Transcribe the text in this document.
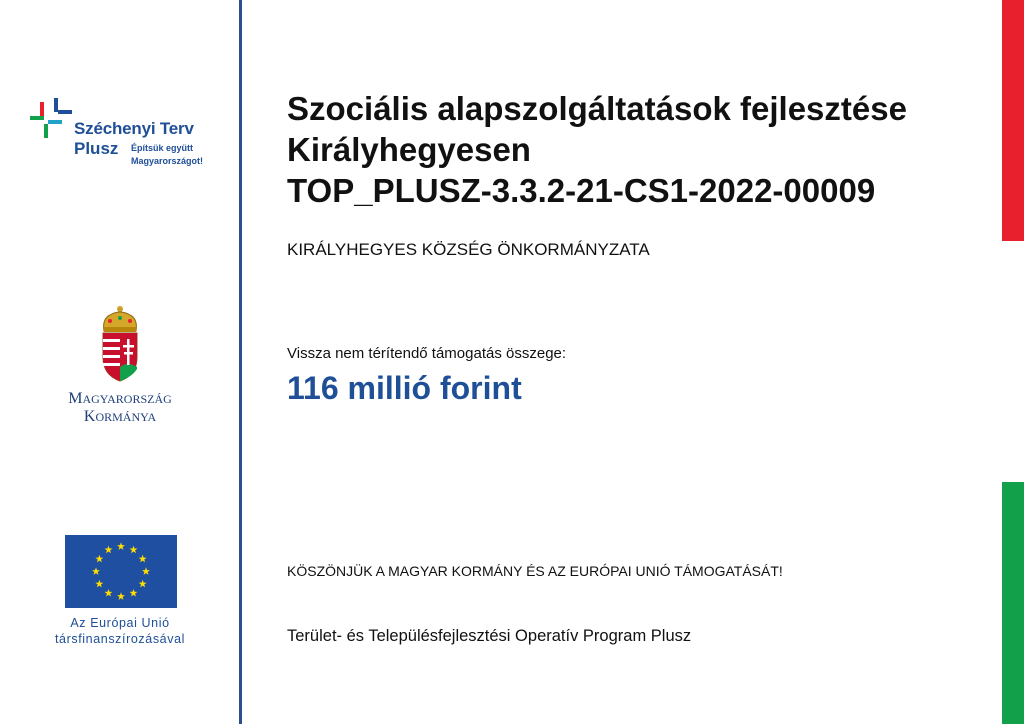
Széchenyi Terv
Plusz Építsük együtt
Magyarországot!
MAGYARORSZÁG
KORMÁNYA
Az Európai Unió
társfinanszírozásával
Szociális alapszolgáltatások fejlesztése
Királyhegyesen
TOP_PLUSZ-3.3.2-21-CS1-2022-00009
KIRÁLYHEGYES KÖZSÉG ÖNKORMÁNYZATA
Vissza nem térítendő támogatás összege:
116 millió forint
KÖSZÖNJÜK A MAGYAR KORMÁNY ÉS AZ EURÓPAI UNIÓ TÁMOGATÁSÁT!
Terület- és Településfejlesztési Operatív Program Plusz
